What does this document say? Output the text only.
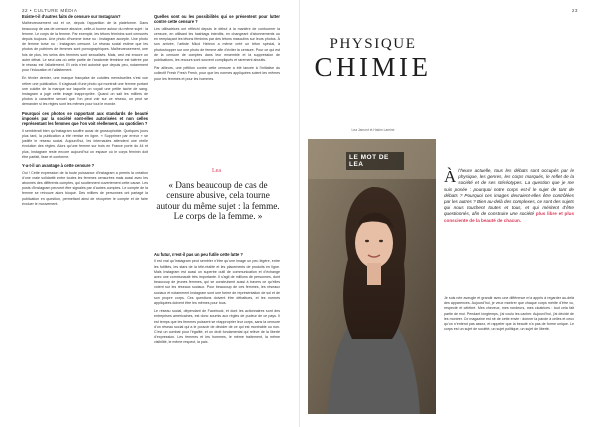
22 • CULTURE MÉDIA
Existe-t-il d’autres faits de censure sur Instagram?

Malheureusement oui et ce, depuis l’apparition de la plateforme. Dans beaucoup de cas de censure abusive, celle-ci tourne autour du même sujet : la femme. Le corps de la femme. Par exemple, les tétons féminins sont censurés depuis toujours. Une photo d’homme torse nu : Instagram accepte. Une photo de femme torse nu : Instagram censure. Le réseau social estime que les photos de poitrines de femmes sont pornographiques. Malheureusement, une fois de plus, les seins des femmes sont sexualisés. Mais, ceci est encore un autre débat. Le seul cas où cette partie de l’anatomie féminine est tolérée par le réseau est l’allaitement. Et cela n’est autorisé que depuis peu, notamment pour l’éducation et l’allaitement.

En février dernier, une marque française de culottes menstruelles s’est vue retirer une publication. Il s’agissait d’une photo qui montrait une femme portant une culotte de la marque sur laquelle on voyait une petite tache de sang. Instagram a jugé cette image inappropriée. Quand on sait les milliers de photos à caractère sexuel que l’on peut voir sur ce réseau, on peut se demander si les règles sont les mêmes pour tout le monde.

Pourquoi ces photos se rapportant aux standards de beauté imposés par la société sont-elles autorisées et non celles représentant les femmes que l’on voit réellement, au quotidien ?

Il semblerait bien qu’Instagram souffre aussi de grossophobie. Quelques jours plus tard, la publication a été remise en ligne. « Supprimer par erreur » se justifie le réseau social. Aujourd’hui, les internautes attendent une réelle évolution des règles. Alors qu’une femme sur trois en France porte du 44 et plus, Instagram reste encore aujourd’hui un espace où le corps féminin doit être parfait, lisse et conforme.

Y-a-t-il un avantage à cette censure ?

Oui ! Cette expression de la toute puissance d’Instagram a permis la création d’une vraie solidarité entre toutes les femmes censurées mais aussi avec les abonnés des différents comptes, qui soutiennent ouvertement cette cause. Les posts d’Instagram peuvent être signalés par d’autres comptes. Le compte de la femme se retrouve alors bloqué. Des milliers de personnes ont partagé la publication en question, permettant ainsi de récupérer le compte et de faire évoluer le mouvement.

Quelles sont ou les possibilités qui se présentent pour lutter contre cette censure ?

Les utilisatrices ont réfléchi depuis le début à la manière de contourner la censure, en utilisant les hashtags interdits, en changeant d’abonnements ou en remplaçant les tétons féminins par des tétons masculins sur leurs photos. À son arrivée, l’artiste Micol Hebron a même créé un téton spécial, à photoshopper sur une photo de femme afin d’éviter la censure. Pour ce qui est de la censure de comptes dans leur ensemble et la suppression de publications, les recours sont souvent compliqués et rarement aboutis.

Par ailleurs, une pétition contre cette censure a été lancée à l’initiative du collectif Fresh Fresh Fresh, pour que les normes appliquées soient les mêmes pour les femmes et pour les hommes.

Lea
« Dans beaucoup de cas de censure abusive, cela tourne autour du même sujet : la femme. Le corps de la femme. »
Au futur, n’est-il pas un peu futile cette lutte ?

Il est vrai qu’Instagram peut sembler n’être qu’une image un peu légère, entre les futilités, les stars de la télé-réalité et les placements de produits en ligne. Mais Instagram est aussi un superbe outil de communication et d’échange avec une communauté très importante. Il s’agit de millions de personnes, dont beaucoup de jeunes femmes, qui se construisent aussi à travers ce qu’elles voient sur les réseaux sociaux. Pour beaucoup de ces femmes, les réseaux sociaux et notamment Instagram sont une forme de représentation de soi et de son propre corps. Ces questions doivent être débattues, et les normes appliquées doivent être les mêmes pour tous.

Le réseau social, dépendant de Facebook, et dont les actionnaires sont des entreprises américaines, est donc soumis aux règles de pudeur de ce pays. Il est temps que les femmes puissent se réapproprier leur corps, sans la censure d’un réseau social qui a le pouvoir de décider de ce qui est montrable ou non. C’est un combat pour l’égalité, et un droit fondamental qui relève de la liberté d’expression. Les femmes et les hommes, le même traitement, la même visibilité, le même respect, la paix.

23
PHYSIQUE
CHIMIE
Lea Jamont et Hakim Lamine
LE MOT DE LEA
Àl’heure actuelle, tous les débats sont occupés par le physique, les genres, les corps marqués, le reflet de la société et de ses stéréotypes. La question que je me suis posée : pourquoi notre corps est-il le sujet de tant de débats ? Pourquoi ces images devraient-elles être contrôlées par les autres ? Bien au-delà des complexes, ce sont des sujets qui nous touchent toutes et tous, et qui méritent d’être questionnés, afin de construire une société plus libre et plus consciente de la beauté de chacun.

Je suis née aveugle et grandir avec une différence m’a appris à regarder au-delà des apparences. Aujourd’hui, je veux montrer que chaque corps mérite d’être vu, respecté et célébré. Mes cheveux, mes rondeurs, mes cicatrices : tout cela fait partie de moi. Pendant longtemps, j’ai voulu les cacher. Aujourd’hui, j’ai décidé de les montrer. Ce magazine est né de cette envie : donner la parole à celles et ceux qu’on n’entend pas assez, et rappeler que la beauté n’a pas de forme unique. Le corps est un sujet de société, un sujet politique, un sujet de liberté.
